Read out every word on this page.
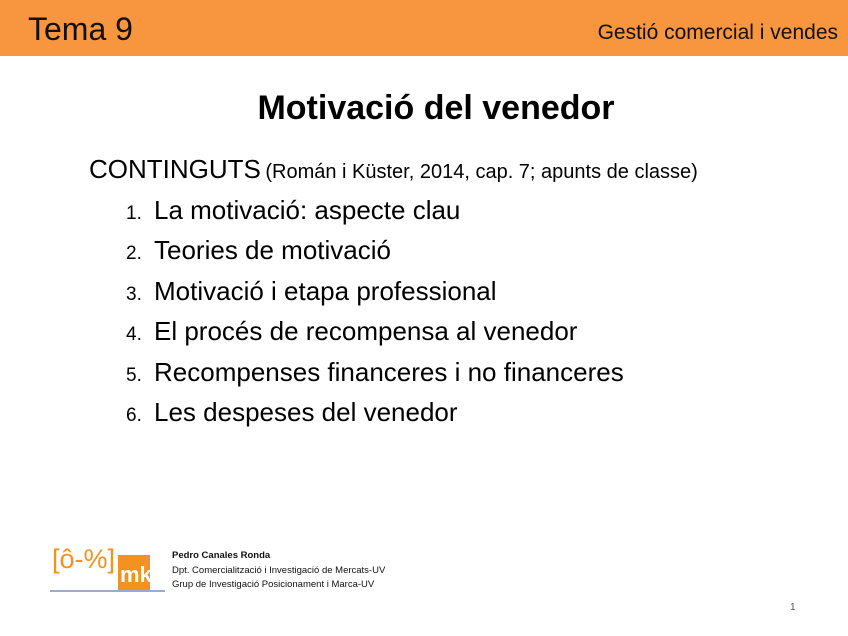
Tema 9	Gestió comercial i vendes
Motivació del venedor
CONTINGUTS (Román i Küster, 2014, cap. 7; apunts de classe)
1. La motivació: aspecte clau
2. Teories de motivació
3. Motivació i etapa professional
4. El procés de recompensa al venedor
5. Recompenses financeres i no financeres
6. Les despeses del venedor
[ô-%]
mk
Pedro Canales Ronda
Dpt. Comercialització i Investigació de Mercats-UV
Grup de Investigació Posicionament i Marca-UV
1
